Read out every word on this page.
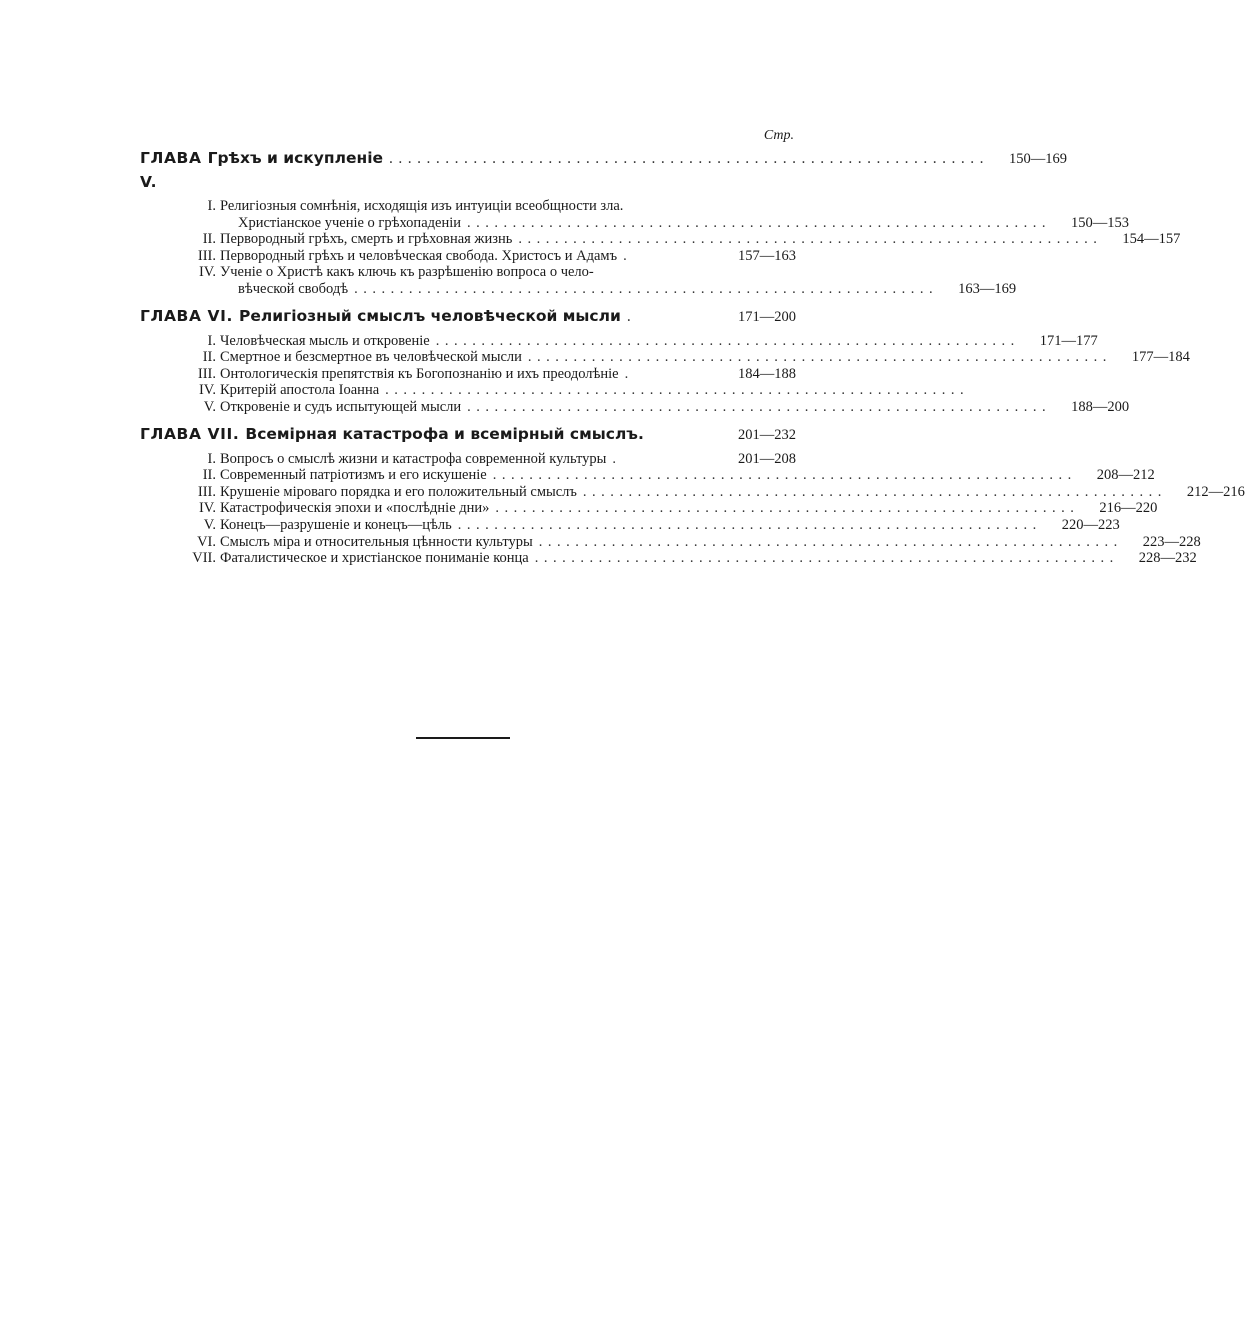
Стр.
ГЛАВА V.
Грѣхъ и искупленіе ................................................................	150—169
I. Религіозныя сомнѣнія, исходящія изъ интуиціи всеобщности зла.
Христіанское ученіе о грѣхопаденіи ................................................................	150—153
II. Первородный грѣхъ, смерть и грѣховная жизнь ................................................................	154—157
III. Первородный грѣхъ и человѣческая свобода. Христосъ и Адамъ .	157—163
IV. Ученіе о Христѣ какъ ключь къ разрѣшенію вопроса о чело-
вѣческой свободѣ ................................................................	163—169
ГЛАВА VI. Религіозный смыслъ человѣческой мысли .	171—200
I. Человѣческая мысль и откровеніе ................................................................	171—177
II. Смертное и безсмертное въ человѣческой мысли ................................................................	177—184
III. Онтологическія препятствія къ Богопознанію и ихъ преодолѣніе .	184—188
IV. Критерій апостола Іоанна ................................................................
V. Откровеніе и судъ испытующей мысли ................................................................	188—200
ГЛАВА VII. Всемірная катастрофа и всемірный смыслъ.	201—232
I. Вопросъ о смыслѣ жизни и катастрофа современной культуры .	201—208
II. Современный патріотизмъ и его искушеніе ................................................................	208—212
III. Крушеніе міроваго порядка и его положительный смыслъ ................................................................	212—216
IV. Катастрофическія эпохи и «послѣдніе дни» ................................................................	216—220
V. Конецъ—разрушеніе и конецъ—цѣль ................................................................	220—223
VI. Смыслъ міра и относительныя цѣнности культуры ................................................................	223—228
VII. Фаталистическое и христіанское пониманіе конца ................................................................	228—232
